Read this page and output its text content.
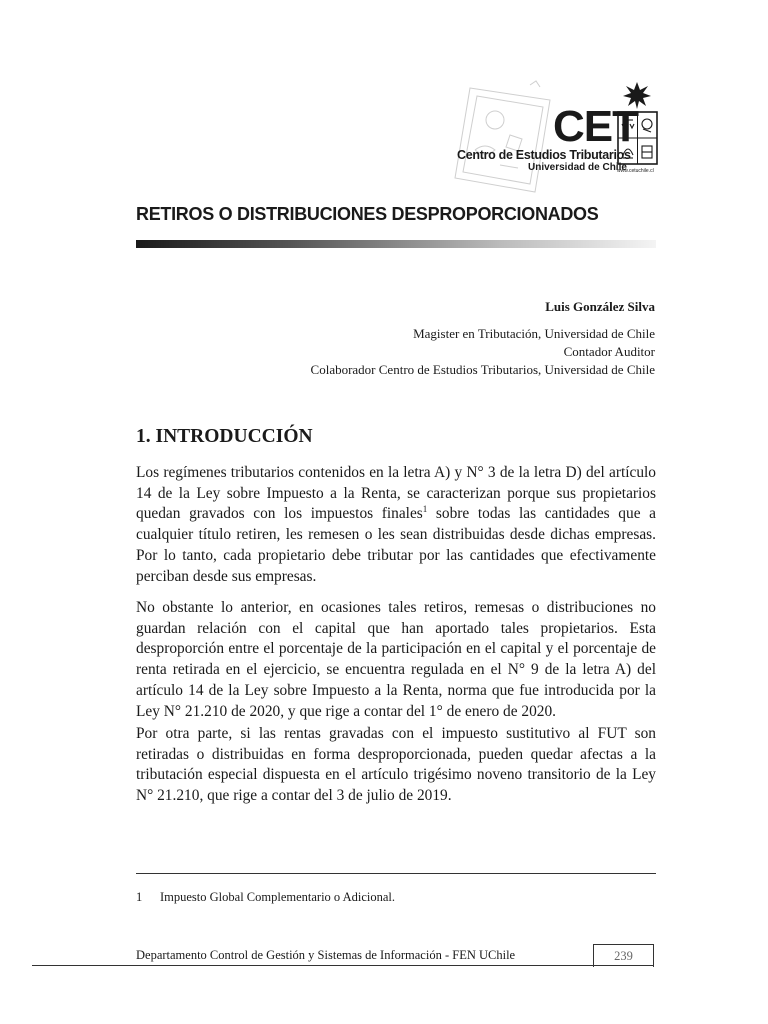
CET
Centro de Estudios Tributarios
Universidad de Chile
www.cetuchile.cl
RETIROS O DISTRIBUCIONES DESPROPORCIONADOS
Luis González Silva
Magister en Tributación, Universidad de Chile
Contador Auditor
Colaborador Centro de Estudios Tributarios, Universidad de Chile
1. INTRODUCCIÓN

Los regímenes tributarios contenidos en la letra A) y N° 3 de la letra D) del artículo 14 de la Ley sobre Impuesto a la Renta, se caracterizan porque sus propietarios quedan gravados con los impuestos finales$^1$ sobre todas las cantidades que a cualquier título retiren, les remesen o les sean distribuidas desde dichas empresas. Por lo tanto, cada propietario debe tributar por las cantidades que efectivamente perciban desde sus empresas.

No obstante lo anterior, en ocasiones tales retiros, remesas o distribuciones no guardan relación con el capital que han aportado tales propietarios. Esta desproporción entre el porcentaje de la participación en el capital y el porcentaje de renta retirada en el ejercicio, se encuentra regulada en el N° 9 de la letra A) del artículo 14 de la Ley sobre Impuesto a la Renta, norma que fue introducida por la Ley N° 21.210 de 2020, y que rige a contar del 1° de enero de 2020.

Por otra parte, si las rentas gravadas con el impuesto sustitutivo al FUT son retiradas o distribuidas en forma desproporcionada, pueden quedar afectas a la tributación especial dispuesta en el artículo trigésimo noveno transitorio de la Ley N° 21.210, que rige a contar del 3 de julio de 2019.

1 Impuesto Global Complementario o Adicional.
Departamento Control de Gestión y Sistemas de Información - FEN UChile	239
